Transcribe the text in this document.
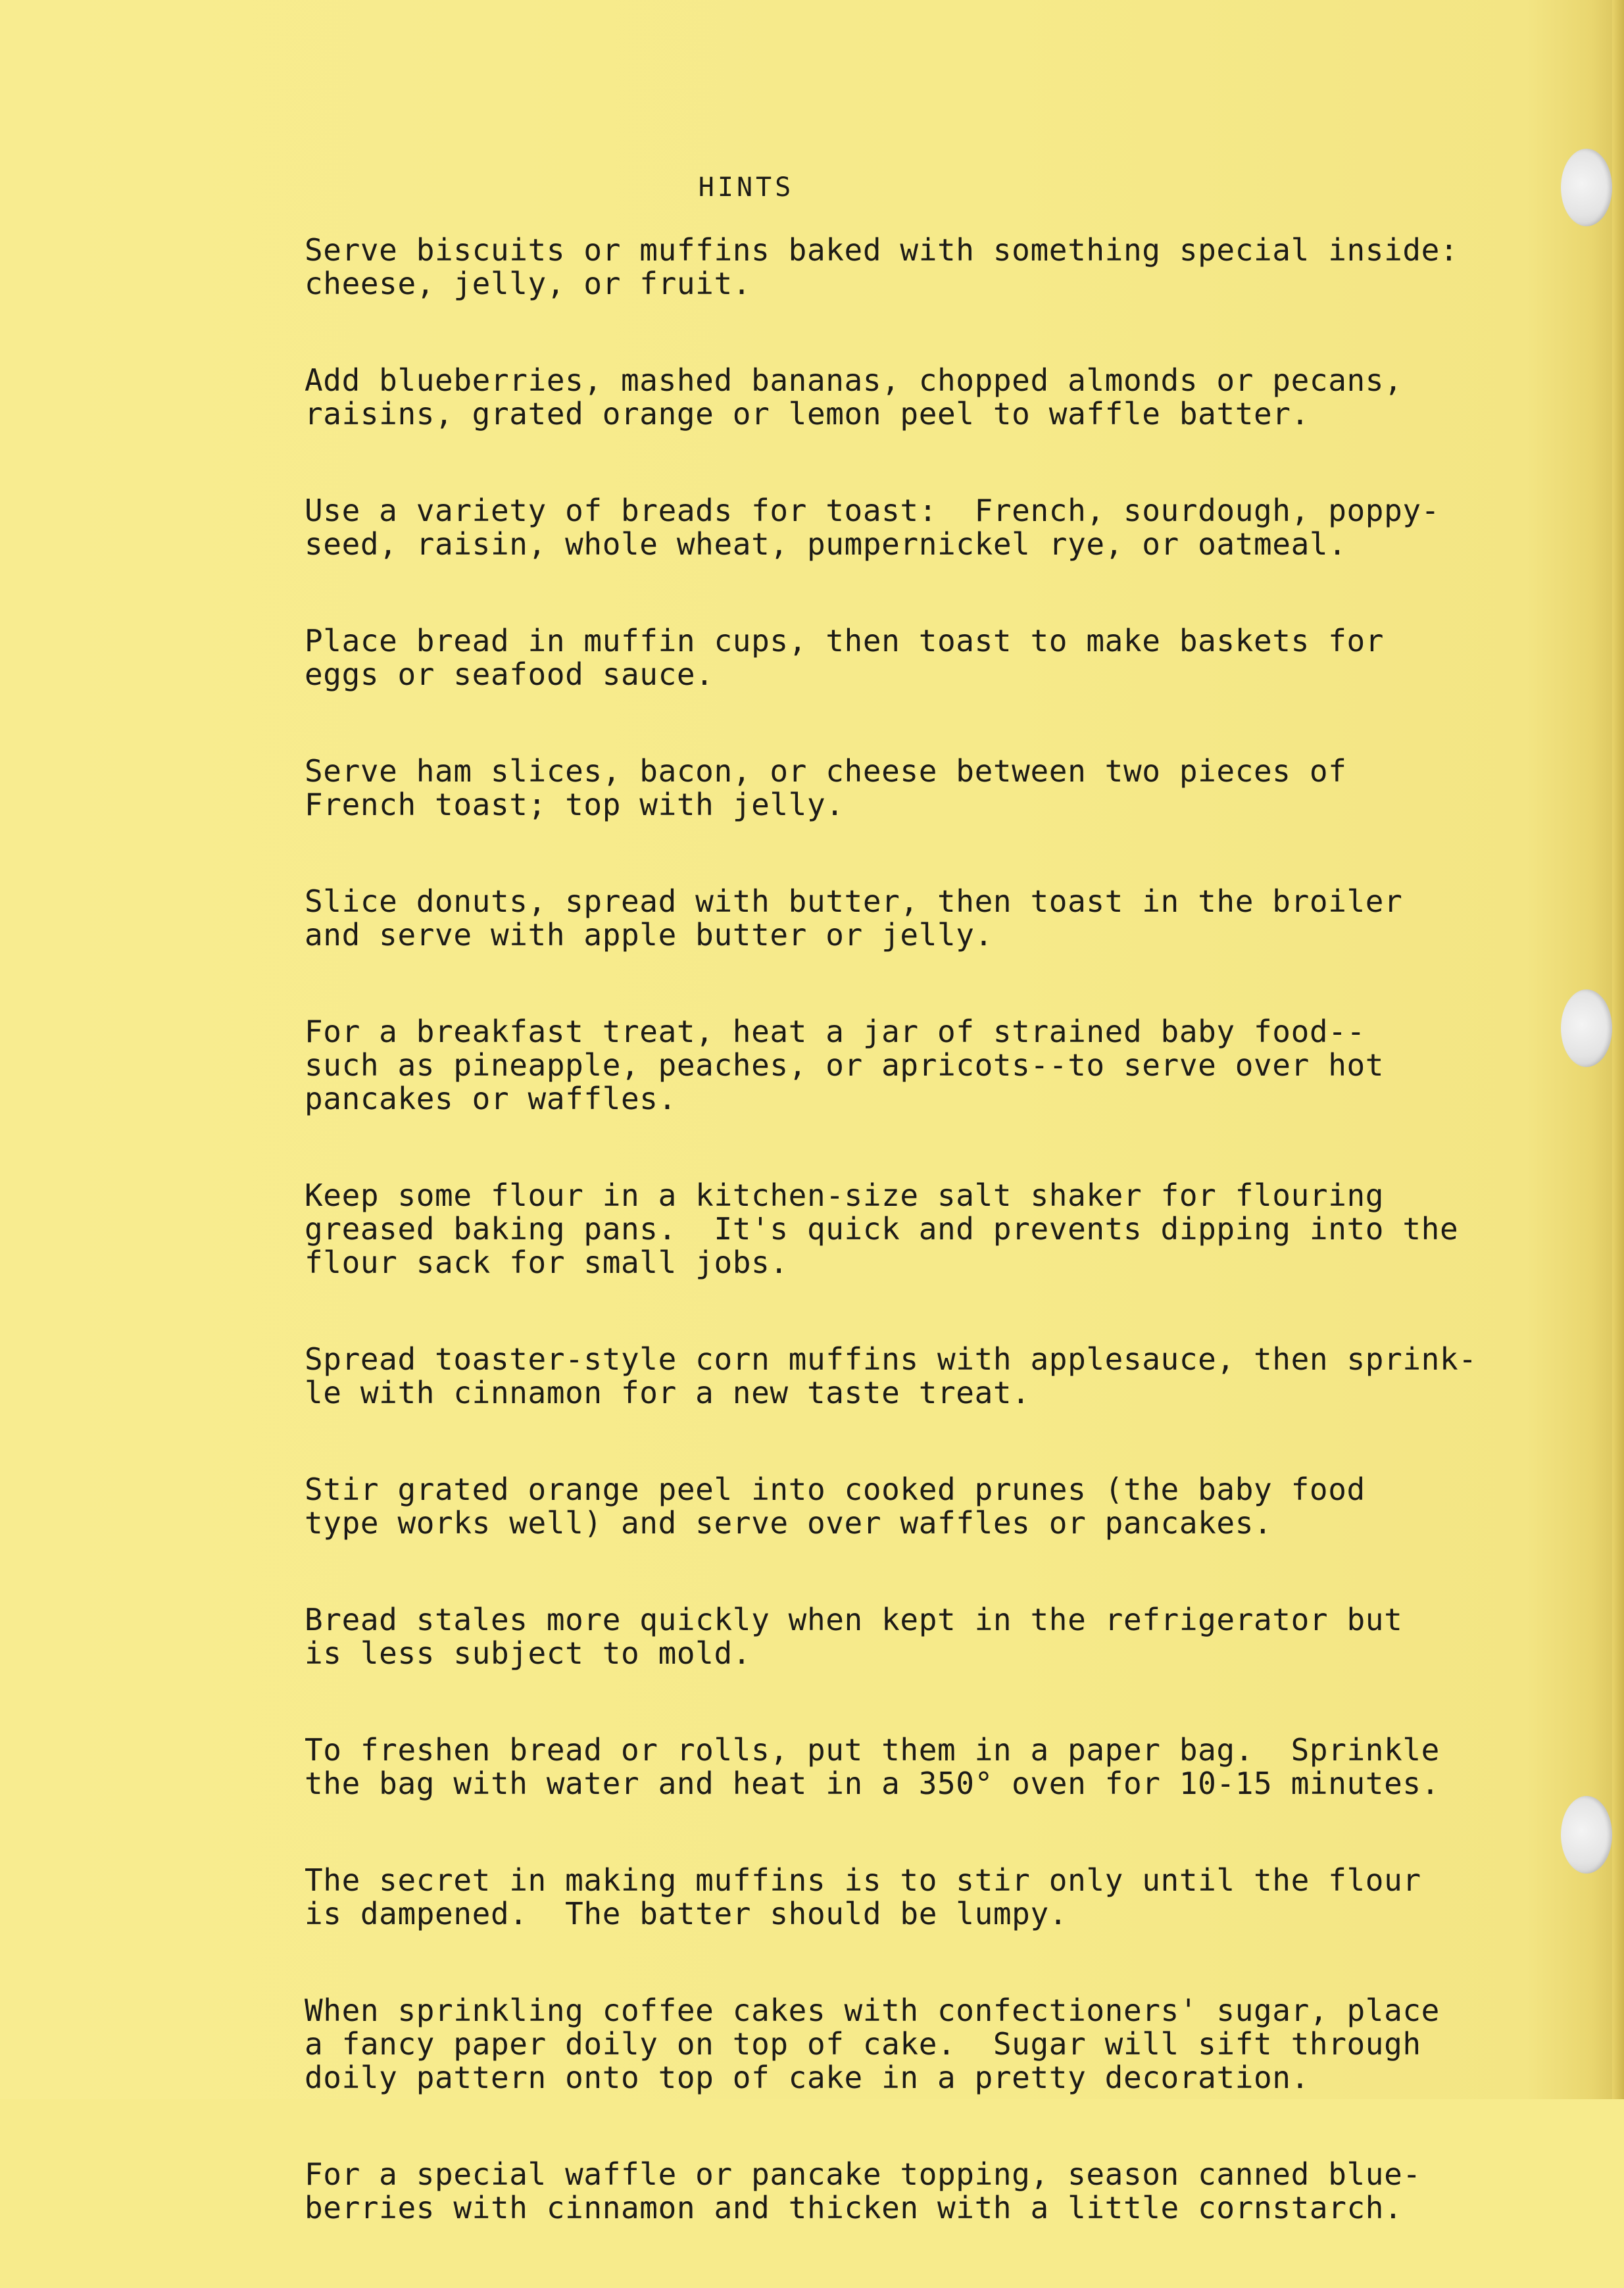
HINTS
Serve biscuits or muffins baked with something special inside:
cheese, jelly, or fruit.
Add blueberries, mashed bananas, chopped almonds or pecans,
raisins, grated orange or lemon peel to waffle batter.
Use a variety of breads for toast:  French, sourdough, poppy-
seed, raisin, whole wheat, pumpernickel rye, or oatmeal.
Place bread in muffin cups, then toast to make baskets for
eggs or seafood sauce.
Serve ham slices, bacon, or cheese between two pieces of
French toast; top with jelly.
Slice donuts, spread with butter, then toast in the broiler
and serve with apple butter or jelly.
For a breakfast treat, heat a jar of strained baby food--
such as pineapple, peaches, or apricots--to serve over hot
pancakes or waffles.
Keep some flour in a kitchen-size salt shaker for flouring
greased baking pans.  It's quick and prevents dipping into the
flour sack for small jobs.
Spread toaster-style corn muffins with applesauce, then sprink-
le with cinnamon for a new taste treat.
Stir grated orange peel into cooked prunes (the baby food
type works well) and serve over waffles or pancakes.
Bread stales more quickly when kept in the refrigerator but
is less subject to mold.
To freshen bread or rolls, put them in a paper bag.  Sprinkle
the bag with water and heat in a 350° oven for 10-15 minutes.
The secret in making muffins is to stir only until the flour
is dampened.  The batter should be lumpy.
When sprinkling coffee cakes with confectioners' sugar, place
a fancy paper doily on top of cake.  Sugar will sift through
doily pattern onto top of cake in a pretty decoration.
For a special waffle or pancake topping, season canned blue-
berries with cinnamon and thicken with a little cornstarch.
